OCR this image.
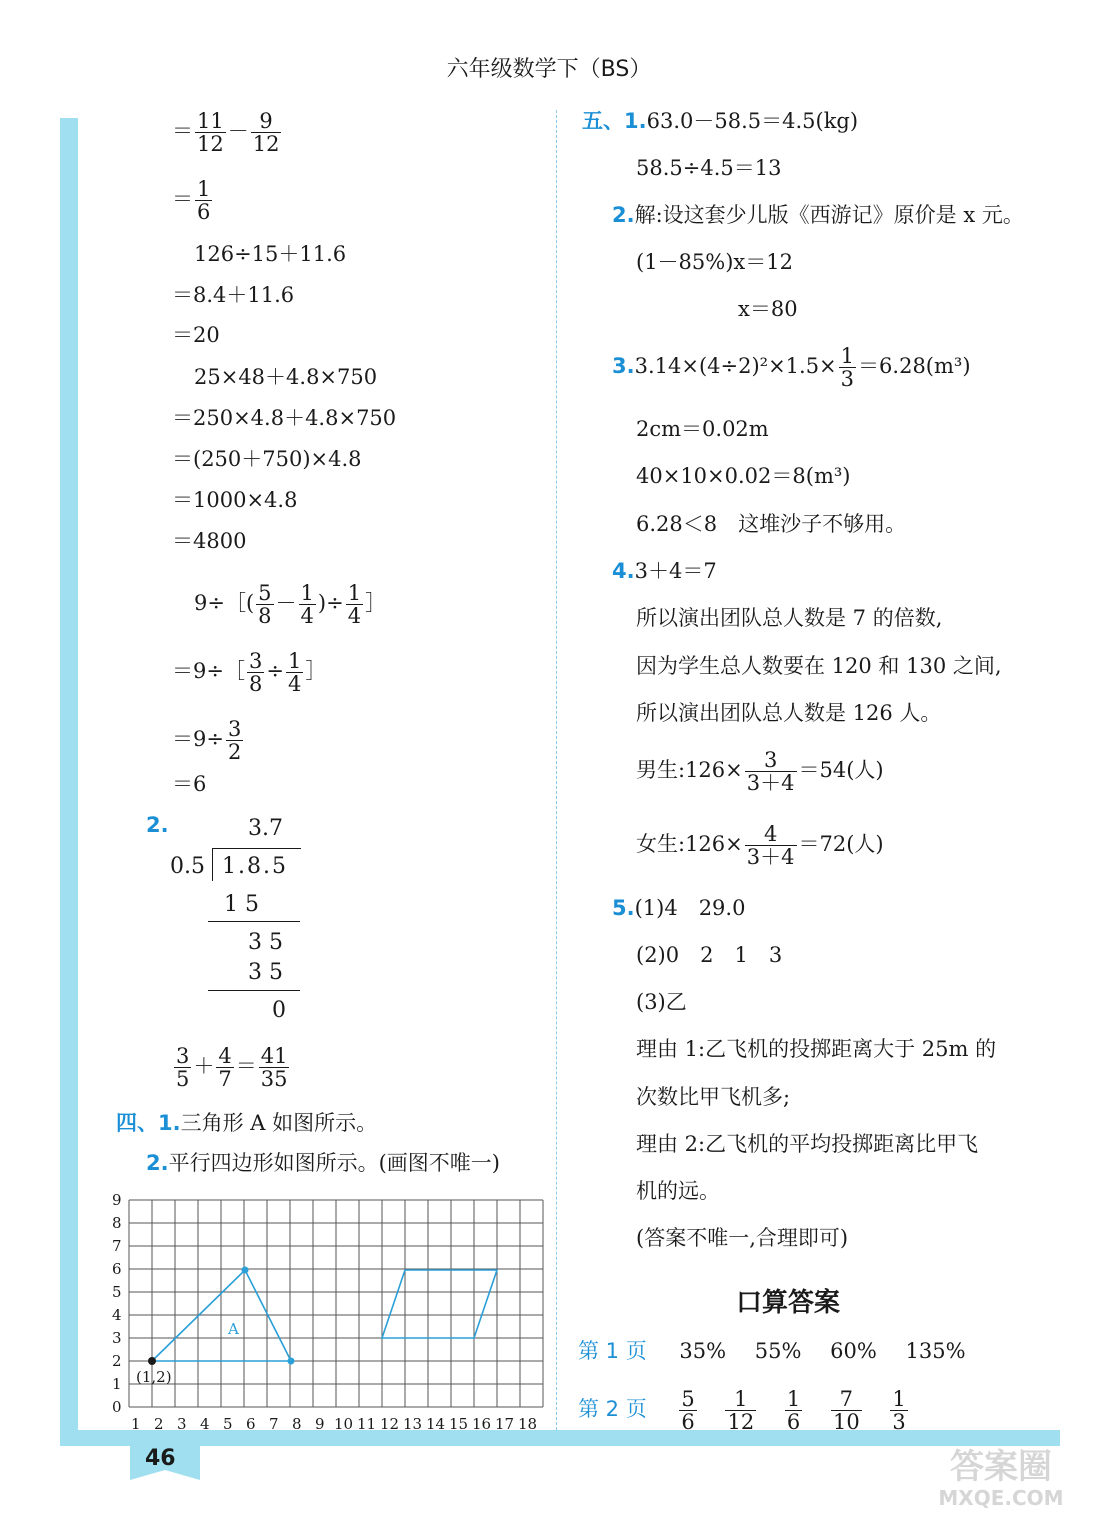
六年级数学下（BS）
＝ $\frac{11}{12} - \frac{9}{12}$
＝ $\frac{1}{6}$
126÷15＋11.6
＝8.4＋11.6
＝20
25×48＋4.8×750
＝250×4.8＋4.8×750
＝(250＋750)×4.8
＝1000×4.8
＝4800
9÷［( $\frac{5}{8} - \frac{1}{4}$ )÷ $\frac{1}{4}$ ］
＝9÷［ $\frac{3}{8} \div \frac{1}{4}$ ］
$=9\div \frac{3}{2}$
＝6
2.	3.7
0.5 1.8.5
1 5
3 5
3 5
0
$\frac{3}{5} + \frac{4}{7} = \frac{41}{35}$
四、1.三角形 A 如图所示。
2.平行四边形如图所示。(画图不唯一)
1 2 3 4 5 6 7 8 9 10 11 12 13 14 15 16 17 18
0
1
2
3
4
5
6
7
8
9
(1,2)
A
五、1.63.0－58.5＝4.5(kg)
58.5÷4.5＝13
2.解:设这套少儿版《西游记》原价是 x 元。
(1－85%)x＝12
x＝80
$3.3.14\times(4\div 2)^2\times 1.5\times \frac{1}{3} =6.28(m^3)$
2cm＝0.02m
40×10×0.02＝8(m³)
6.28＜8　这堆沙子不够用。
4.3＋4＝7
所以演出团队总人数是 7 的倍数,
因为学生总人数要在 120 和 130 之间,
所以演出团队总人数是 126 人。
男生:126× $\frac{3}{3+4} =54$(人)
女生:126× $\frac{4}{3+4} =72$(人)
5.(1)4　29.0
(2)0　2　1　3
(3)乙
理由 1:乙飞机的投掷距离大于 25m 的
次数比甲飞机多;
理由 2:乙飞机的平均投掷距离比甲飞
机的远。
(答案不唯一,合理即可)
口算答案
第 1 页 35% 55% 60% 135%
第 2 页 $\frac{5}{6}$
$\frac{1}{12}$
$\frac{1}{6}$
$\frac{7}{10}$
$\frac{1}{3}$
46	答案圈
MXQE.COM
